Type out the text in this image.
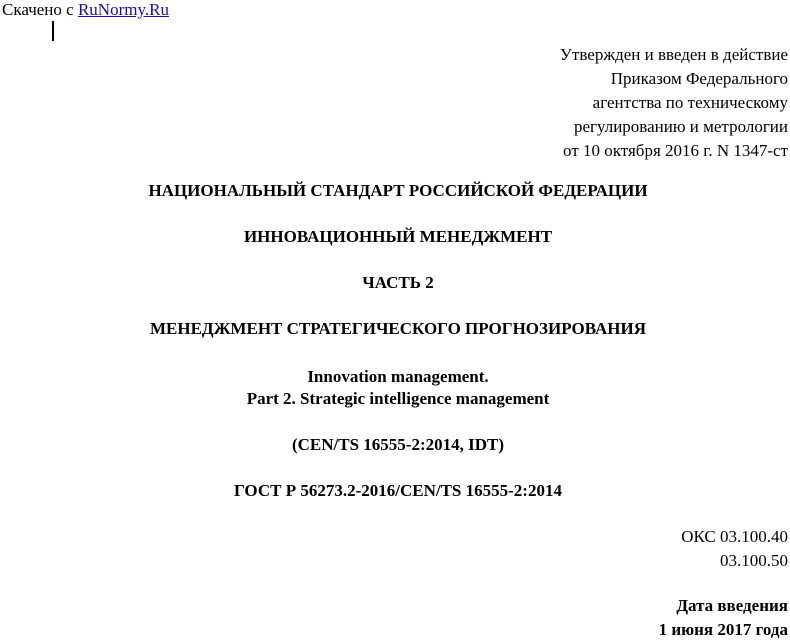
Скачено с RuNormy.Ru
Утвержден и введен в действие
Приказом Федерального
агентства по техническому
регулированию и метрологии
от 10 октября 2016 г. N 1347-ст
НАЦИОНАЛЬНЫЙ СТАНДАРТ РОССИЙСКОЙ ФЕДЕРАЦИИ
ИННОВАЦИОННЫЙ МЕНЕДЖМЕНТ
ЧАСТЬ 2
МЕНЕДЖМЕНТ СТРАТЕГИЧЕСКОГО ПРОГНОЗИРОВАНИЯ
Innovation management.
Part 2. Strategic intelligence management
(CEN/TS 16555-2:2014, IDT)
ГОСТ Р 56273.2-2016/CEN/TS 16555-2:2014
ОКС 03.100.40
03.100.50
Дата введения
1 июня 2017 года
